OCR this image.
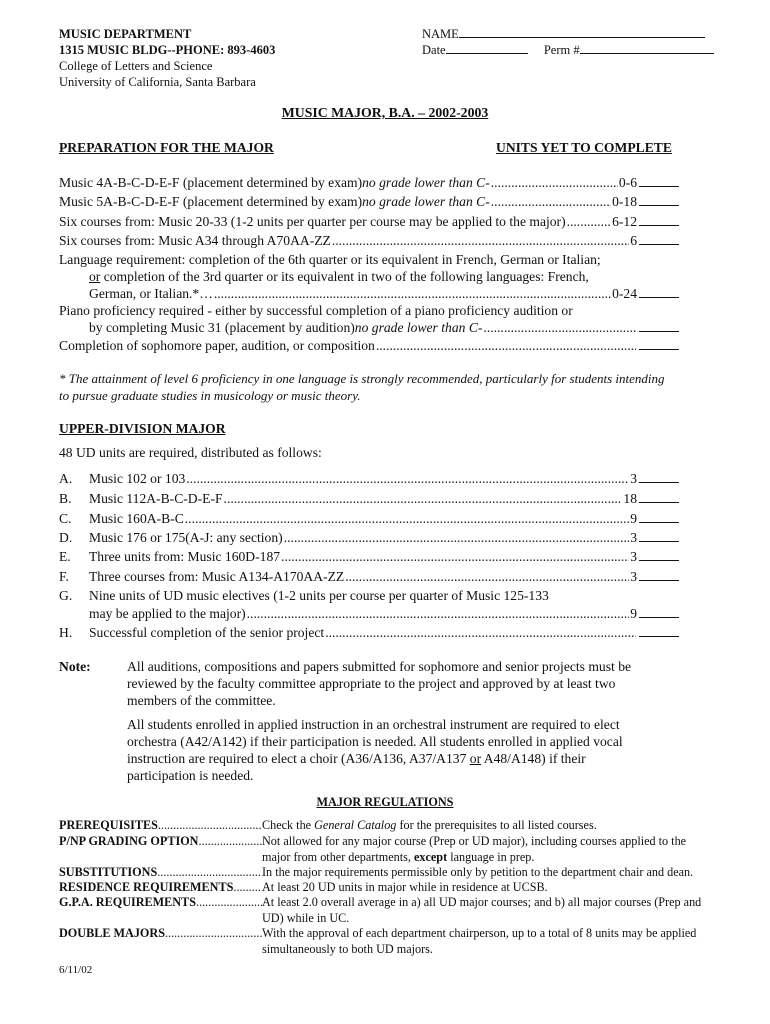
MUSIC DEPARTMENT
1315 MUSIC BLDG--PHONE: 893-4603
College of Letters and Science
University of California, Santa Barbara
NAME
Date	Perm #
MUSIC MAJOR, B.A. – 2002-2003
PREPARATION FOR THE MAJOR	UNITS YET TO COMPLETE
Music 4A-B-C-D-E-F (placement determined by exam) no grade lower than C- .....	0-6
Music 5A-B-C-D-E-F (placement determined by exam) no grade lower than C- .....	0-18
Six courses from: Music 20-33 (1-2 units per quarter per course may be applied to the major) .....	6-12
Six courses from: Music A34 through A70AA-ZZ .....	6
Language requirement: completion of the 6th quarter or its equivalent in French, German or Italian;
or completion of the 3rd quarter or its equivalent in two of the following languages: French,
German, or Italian.*… .....	0-24
Piano proficiency required - either by successful completion of a piano proficiency audition or
by completing Music 31 (placement by audition) no grade lower than C-
.....
Completion of sophomore paper, audition, or composition
.....
* The attainment of level 6 proficiency in one language is strongly recommended, particularly for students intending to pursue graduate studies in musicology or music theory.
UPPER-DIVISION MAJOR
48 UD units are required, distributed as follows:
A.	Music 102 or 103 .....	3
B.	Music 112A-B-C-D-E-F .....	18
C.	Music 160A-B-C .....	9
D.	Music 176 or 175(A-J: any section) .....	3
E.	Three units from: Music 160D-187 .....	3
F.	Three courses from: Music A134-A170AA-ZZ .....	3
G. Nine units of UD music electives (1-2 units per course per quarter of Music 125-133
may be applied to the major) .....	9
H.	Successful completion of the senior project
.....
Note:	All auditions, compositions and papers submitted for sophomore and senior projects must be reviewed by the faculty committee appropriate to the project and approved by at least two members of the committee.
All students enrolled in applied instruction in an orchestral instrument are required to elect orchestra (A42/A142) if their participation is needed. All students enrolled in applied vocal instruction are required to elect a choir (A36/A136, A37/A137 or A48/A148) if their participation is needed.
MAJOR REGULATIONS
PREREQUISITES .....	Check the General Catalog for the prerequisites to all listed courses.
P/NP GRADING OPTION .....	Not allowed for any major course (Prep or UD major), including courses applied to the major from other departments, except language in prep.
SUBSTITUTIONS .....	In the major requirements permissible only by petition to the department chair and dean.
RESIDENCE REQUIREMENTS ..... At least 20 UD units in major while in residence at UCSB.
G.P.A. REQUIREMENTS .....	At least 2.0 overall average in a) all UD major courses; and b) all major courses (Prep and UD) while in UC.
DOUBLE MAJORS .....	With the approval of each department chairperson, up to a total of 8 units may be applied simultaneously to both UD majors.
6/11/02
